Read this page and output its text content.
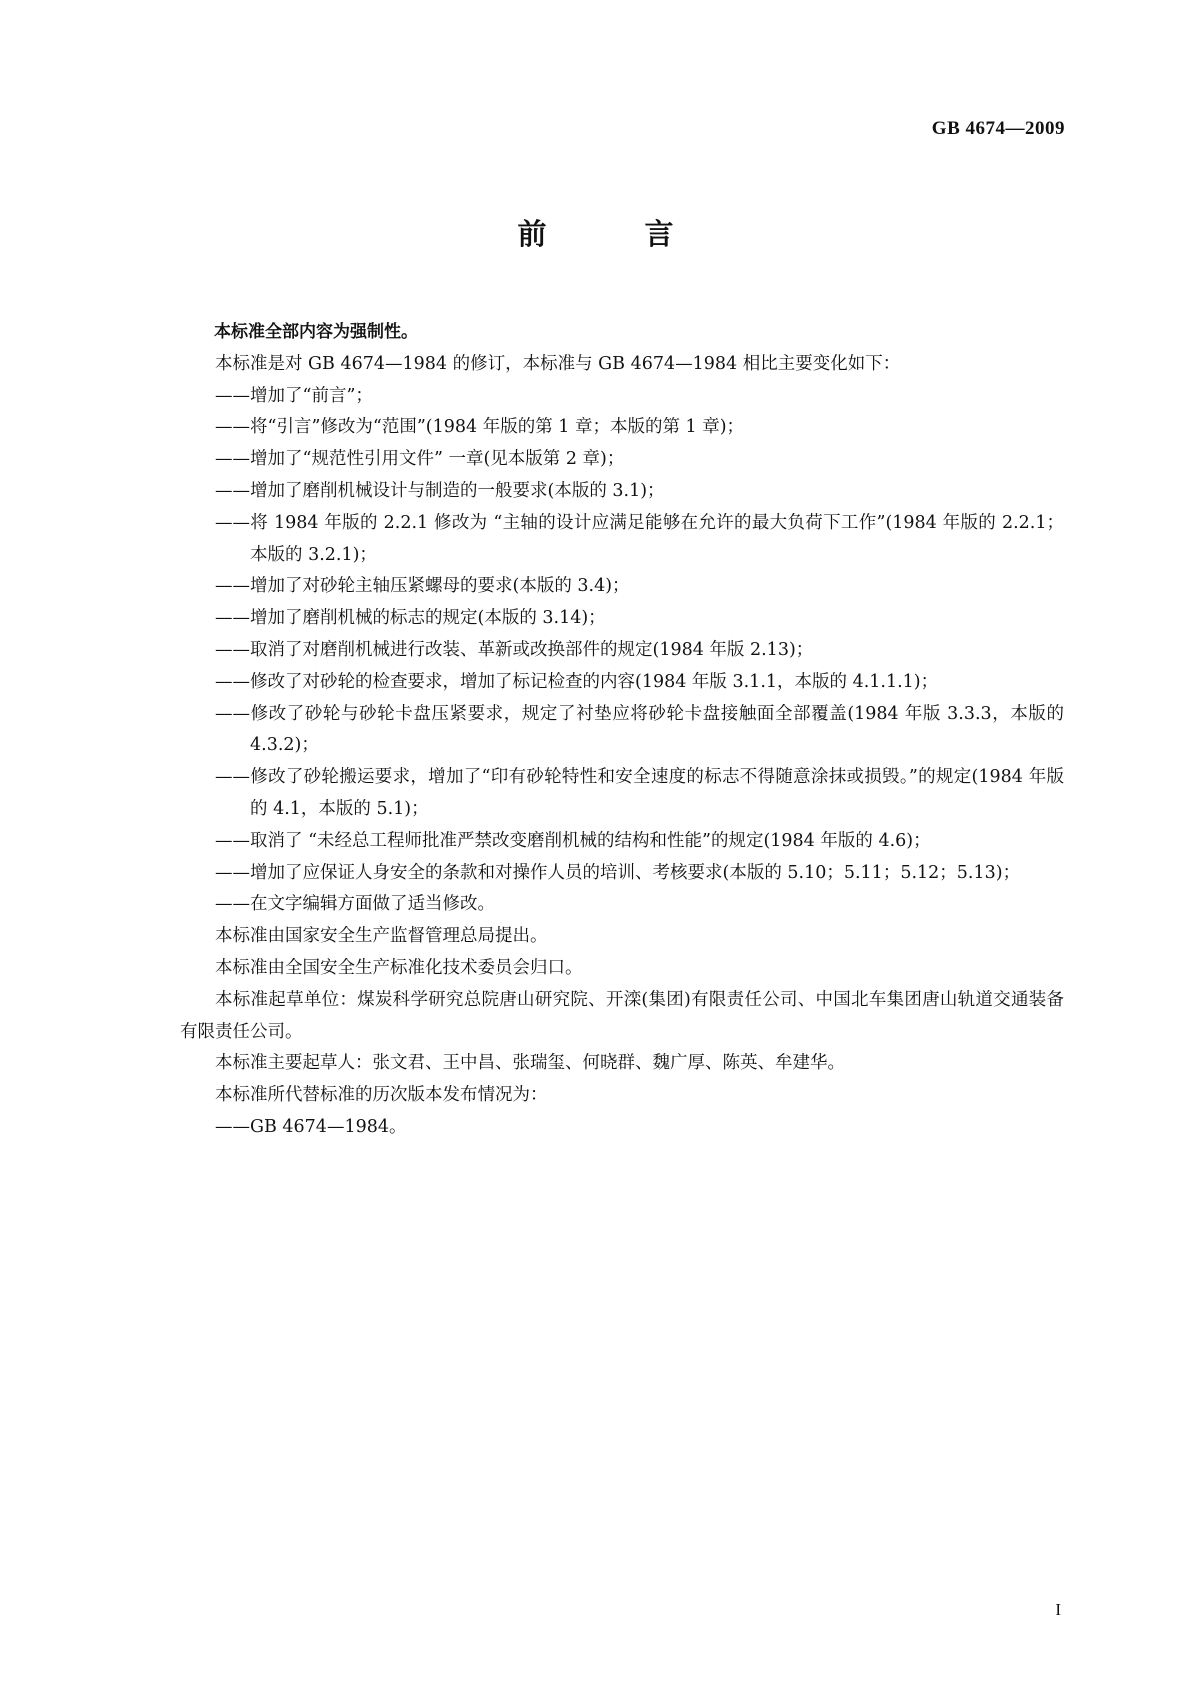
GB 4674—2009
前 言

本标准全部内容为强制性。

本标准是对 GB 4674—1984 的修订，本标准与 GB 4674—1984 相比主要变化如下：

——增加了“前言”；

——将“引言”修改为“范围”(1984 年版的第 1 章；本版的第 1 章)；

——增加了“规范性引用文件” 一章(见本版第 2 章)；

——增加了磨削机械设计与制造的一般要求(本版的 3.1)；

——将 1984 年版的 2.2.1 修改为 “主轴的设计应满足能够在允许的最大负荷下工作”(1984 年版的 2.2.1；本版的 3.2.1)；

——增加了对砂轮主轴压紧螺母的要求(本版的 3.4)；

——增加了磨削机械的标志的规定(本版的 3.14)；

——取消了对磨削机械进行改装、革新或改换部件的规定(1984 年版 2.13)；

——修改了对砂轮的检查要求，增加了标记检查的内容(1984 年版 3.1.1，本版的 4.1.1.1)；

——修改了砂轮与砂轮卡盘压紧要求，规定了衬垫应将砂轮卡盘接触面全部覆盖(1984 年版 3.3.3，本版的 4.3.2)；

——修改了砂轮搬运要求，增加了“印有砂轮特性和安全速度的标志不得随意涂抹或损毁。”的规定(1984 年版的 4.1，本版的 5.1)；

——取消了 “未经总工程师批准严禁改变磨削机械的结构和性能”的规定(1984 年版的 4.6)；

——增加了应保证人身安全的条款和对操作人员的培训、考核要求(本版的 5.10；5.11；5.12；5.13)；

——在文字编辑方面做了适当修改。

本标准由国家安全生产监督管理总局提出。

本标准由全国安全生产标准化技术委员会归口。

本标准起草单位：煤炭科学研究总院唐山研究院、开滦(集团)有限责任公司、中国北车集团唐山轨道交通装备有限责任公司。

本标准主要起草人：张文君、王中昌、张瑞玺、何晓群、魏广厚、陈英、牟建华。

本标准所代替标准的历次版本发布情况为：

——GB 4674—1984。

I
